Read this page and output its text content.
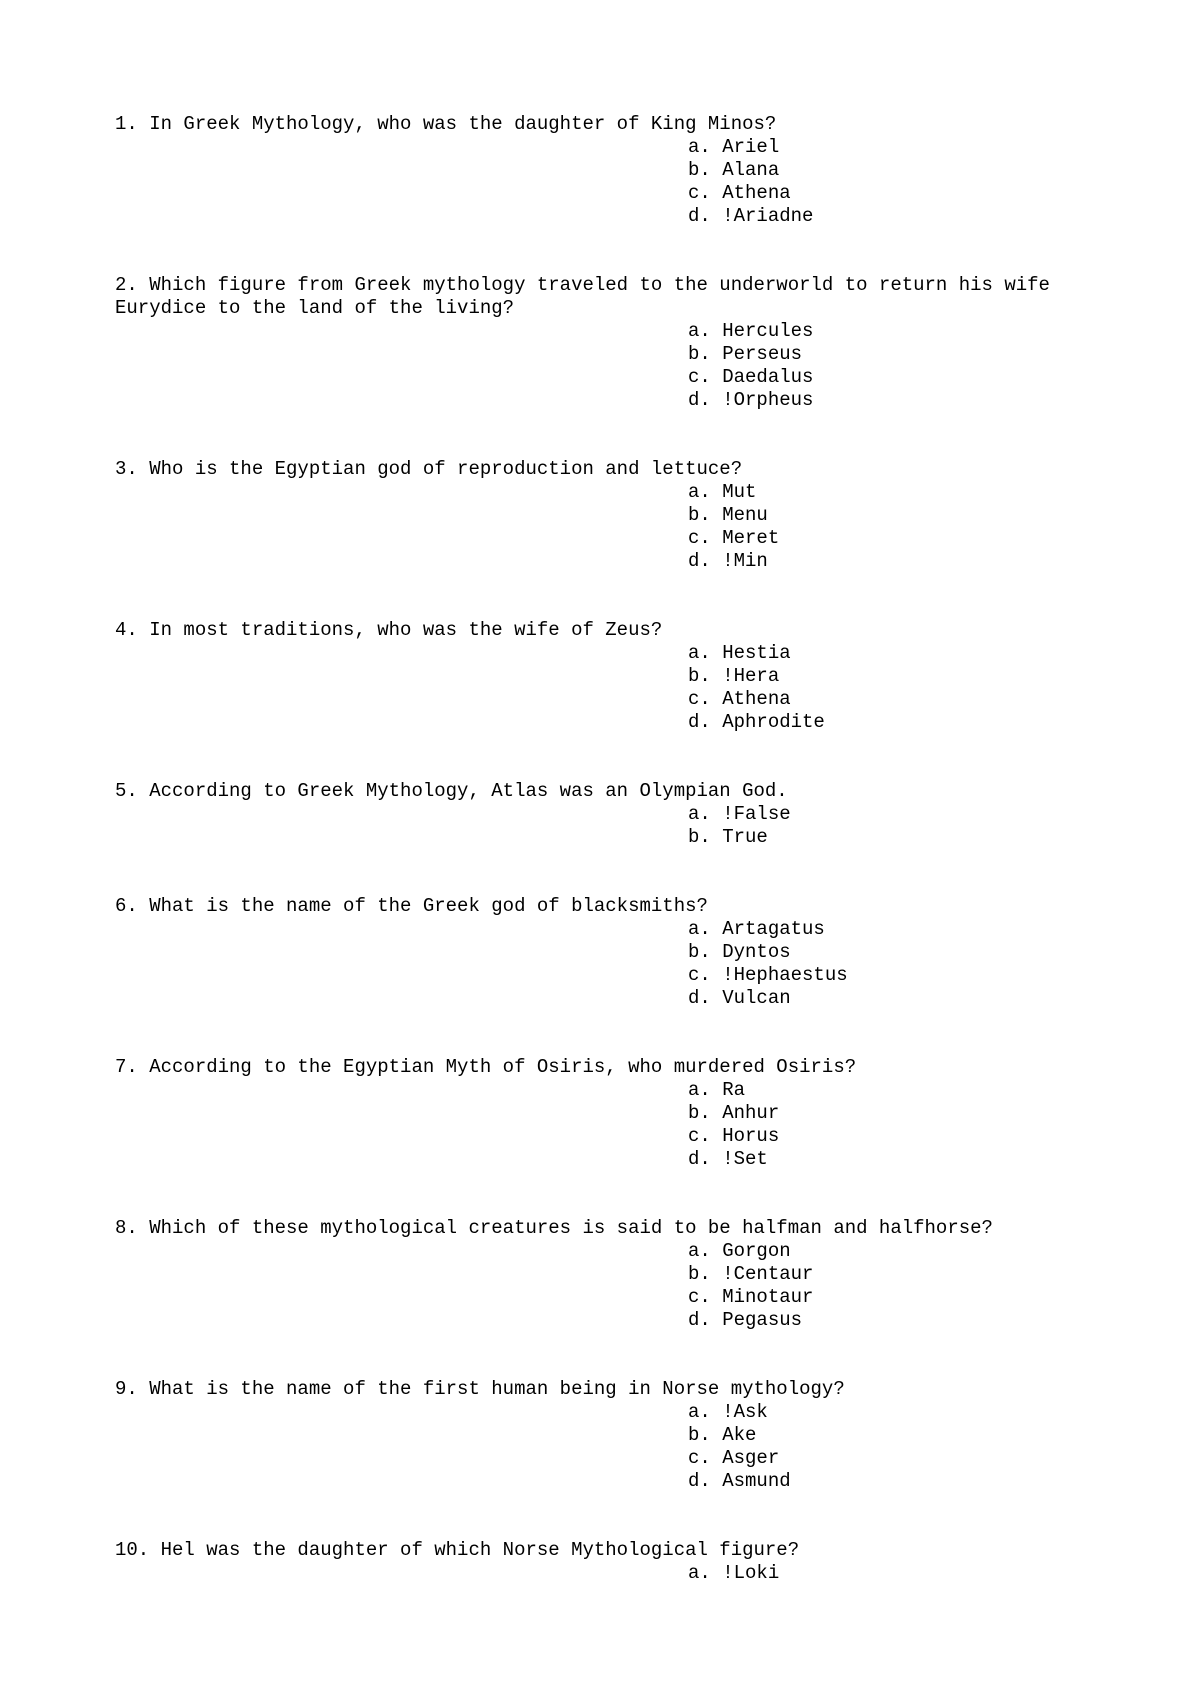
1. In Greek Mythology, who was the daughter of King Minos?

a. Ariel
b. Alana
c. Athena
d. !Ariadne

2. Which figure from Greek mythology traveled to the underworld to return his wife Eurydice to the land of the living?

a. Hercules
b. Perseus
c. Daedalus
d. !Orpheus

3. Who is the Egyptian god of reproduction and lettuce?

a. Mut
b. Menu
c. Meret
d. !Min

4. In most traditions, who was the wife of Zeus?

a. Hestia
b. !Hera
c. Athena
d. Aphrodite

5. According to Greek Mythology, Atlas was an Olympian God.

a. !False
b. True

6. What is the name of the Greek god of blacksmiths?

a. Artagatus
b. Dyntos
c. !Hephaestus
d. Vulcan

7. According to the Egyptian Myth of Osiris, who murdered Osiris?

a. Ra
b. Anhur
c. Horus
d. !Set

8. Which of these mythological creatures is said to be halfman and halfhorse?

a. Gorgon
b. !Centaur
c. Minotaur
d. Pegasus

9. What is the name of the first human being in Norse mythology?

a. !Ask
b. Ake
c. Asger
d. Asmund

10. Hel was the daughter of which Norse Mythological figure?

a. !Loki
